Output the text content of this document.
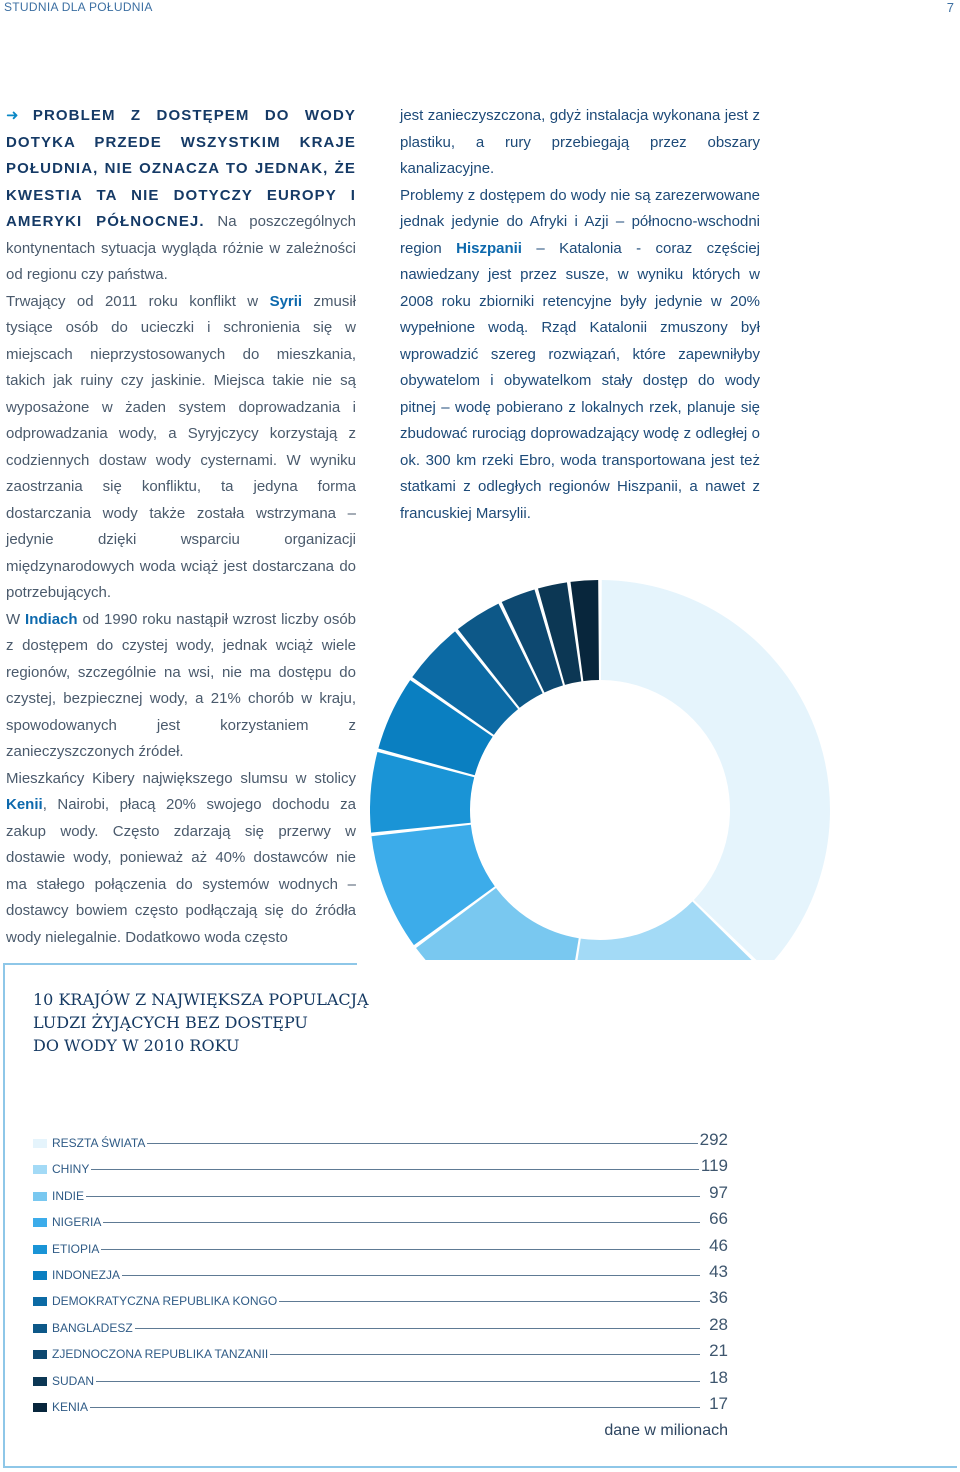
STUDNIA DLA POŁUDNIA	7

➜ PROBLEM Z DOSTĘPEM DO WODY DOTYKA PRZEDE WSZYSTKIM KRAJE POŁUDNIA, NIE OZNACZA TO JEDNAK, ŻE KWESTIA TA NIE DOTYCZY EUROPY I AMERYKI PÓŁNOCNEJ. Na poszczególnych kontynentach sytuacja wygląda różnie w zależności od regionu czy państwa.

Trwający od 2011 roku konflikt w Syrii zmusił tysiące osób do ucieczki i schronienia się w miejscach nieprzystosowanych do mieszkania, takich jak ruiny czy jaskinie. Miejsca takie nie są wyposażone w żaden system doprowadzania i odprowadzania wody, a Syryjczycy korzystają z codziennych dostaw wody cysternami. W wyniku zaostrzania się konfliktu, ta jedyna forma dostarczania wody także została wstrzymana – jedynie dzięki wsparciu organizacji międzynarodowych woda wciąż jest dostarczana do potrzebujących.

W Indiach od 1990 roku nastąpił wzrost liczby osób z dostępem do czystej wody, jednak wciąż wiele regionów, szczególnie na wsi, nie ma dostępu do czystej, bezpiecznej wody, a 21% chorób w kraju, spowodowanych jest korzystaniem z zanieczyszczonych źródeł.

Mieszkańcy Kibery największego slumsu w stolicy Kenii, Nairobi, płacą 20% swojego dochodu za zakup wody. Często zdarzają się przerwy w dostawie wody, ponieważ aż 40% dostawców nie ma stałego połączenia do systemów wodnych – dostawcy bowiem często podłączają się do źródła wody nielegalnie. Dodatkowo woda często

jest zanieczyszczona, gdyż instalacja wykonana jest z plastiku, a rury przebiegają przez obszary kanalizacyjne.

Problemy z dostępem do wody nie są zarezerwowane jednak jedynie do Afryki i Azji – północno-wschodni region Hiszpanii – Katalonia - coraz częściej nawiedzany jest przez susze, w wyniku których w 2008 roku zbiorniki retencyjne były jedynie w 20% wypełnione wodą. Rząd Katalonii zmuszony był wprowadzić szereg rozwiązań, które zapewniłyby obywatelom i obywatelkom stały dostęp do wody pitnej – wodę pobierano z lokalnych rzek, planuje się zbudować rurociąg doprowadzający wodę z odległej o ok. 300 km rzeki Ebro, woda transportowana jest też statkami z odległych regionów Hiszpanii, a nawet z francuskiej Marsylii.

10 KRAJÓW Z NAJWIĘKSZA POPULACJĄ
LUDZI ŻYJĄCYCH BEZ DOSTĘPU
DO WODY W 2010 ROKU
RESZTA ŚWIATA	292
CHINY	119
INDIE	97
NIGERIA	66
ETIOPIA	46
INDONEZJA	43
DEMOKRATYCZNA REPUBLIKA KONGO	36
BANGLADESZ	28
ZJEDNOCZONA REPUBLIKA TANZANII	21
SUDAN	18
KENIA	17
dane w milionach
